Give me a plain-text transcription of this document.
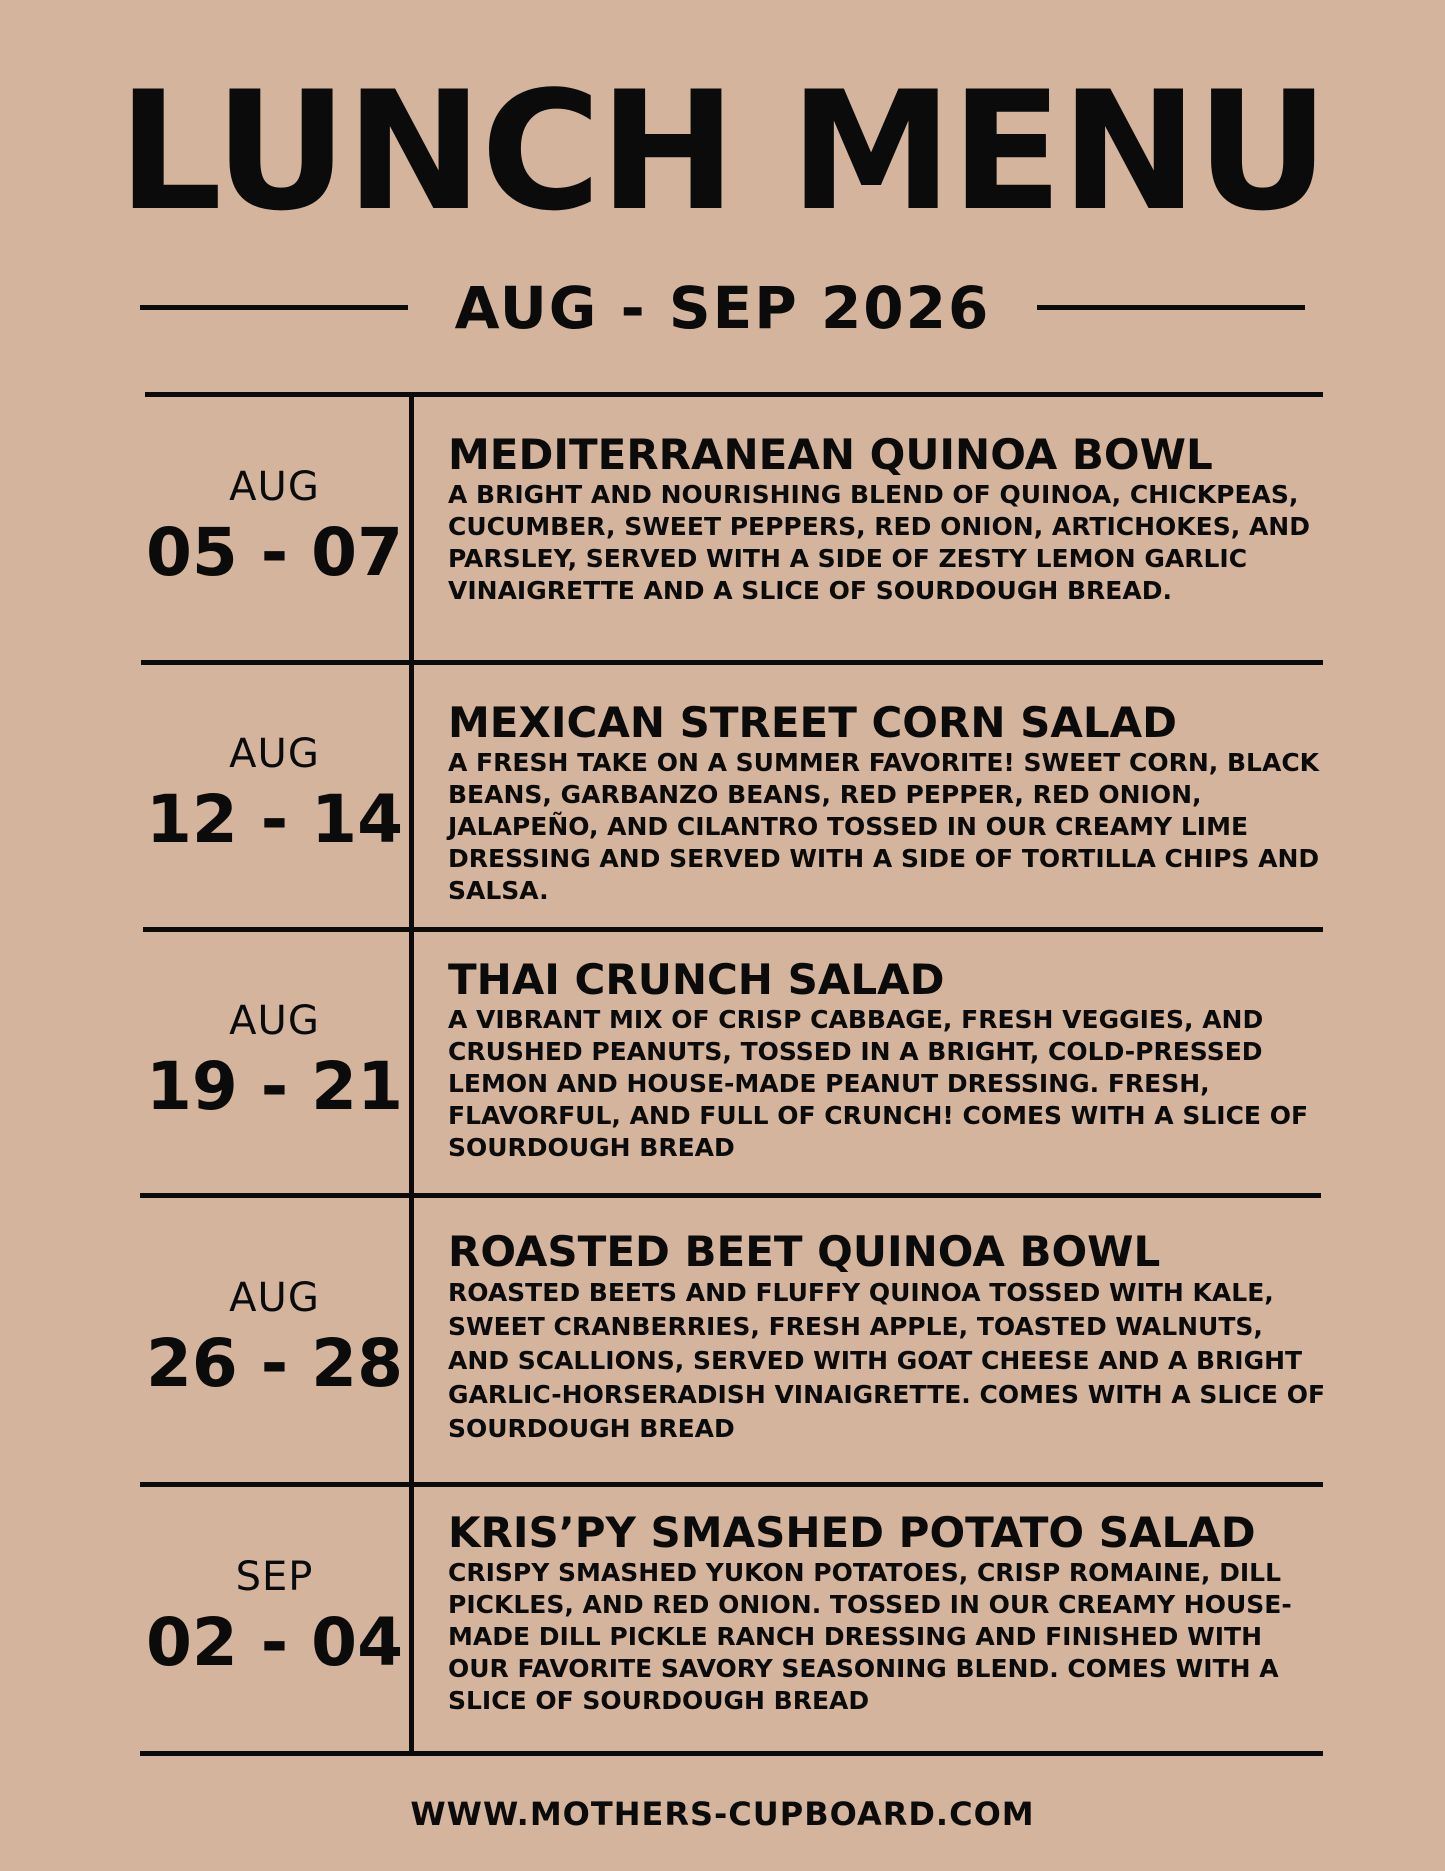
LUNCH MENU
AUG - SEP 2026
AUG
05 - 07
MEDITERRANEAN QUINOA BOWL
A BRIGHT AND NOURISHING BLEND OF QUINOA, CHICKPEAS, CUCUMBER, SWEET PEPPERS, RED ONION, ARTICHOKES, AND PARSLEY, SERVED WITH A SIDE OF ZESTY LEMON GARLIC VINAIGRETTE AND A SLICE OF SOURDOUGH BREAD.
AUG
12 - 14
MEXICAN STREET CORN SALAD
A FRESH TAKE ON A SUMMER FAVORITE! SWEET CORN, BLACK BEANS, GARBANZO BEANS, RED PEPPER, RED ONION, JALAPEÑO, AND CILANTRO TOSSED IN OUR CREAMY LIME DRESSING AND SERVED WITH A SIDE OF TORTILLA CHIPS AND SALSA.
AUG
19 - 21
THAI CRUNCH SALAD
A VIBRANT MIX OF CRISP CABBAGE, FRESH VEGGIES, AND CRUSHED PEANUTS, TOSSED IN A BRIGHT, COLD-PRESSED LEMON AND HOUSE-MADE PEANUT DRESSING. FRESH, FLAVORFUL, AND FULL OF CRUNCH! COMES WITH A SLICE OF SOURDOUGH BREAD
AUG
26 - 28
ROASTED BEET QUINOA BOWL
ROASTED BEETS AND FLUFFY QUINOA TOSSED WITH KALE, SWEET CRANBERRIES, FRESH APPLE, TOASTED WALNUTS, AND SCALLIONS, SERVED WITH GOAT CHEESE AND A BRIGHT GARLIC-HORSERADISH VINAIGRETTE. COMES WITH A SLICE OF SOURDOUGH BREAD
SEP
02 - 04
KRIS’PY SMASHED POTATO SALAD
CRISPY SMASHED YUKON POTATOES, CRISP ROMAINE, DILL PICKLES, AND RED ONION. TOSSED IN OUR CREAMY HOUSE-MADE DILL PICKLE RANCH DRESSING AND FINISHED WITH OUR FAVORITE SAVORY SEASONING BLEND. COMES WITH A SLICE OF SOURDOUGH BREAD
WWW.MOTHERS-CUPBOARD.COM
